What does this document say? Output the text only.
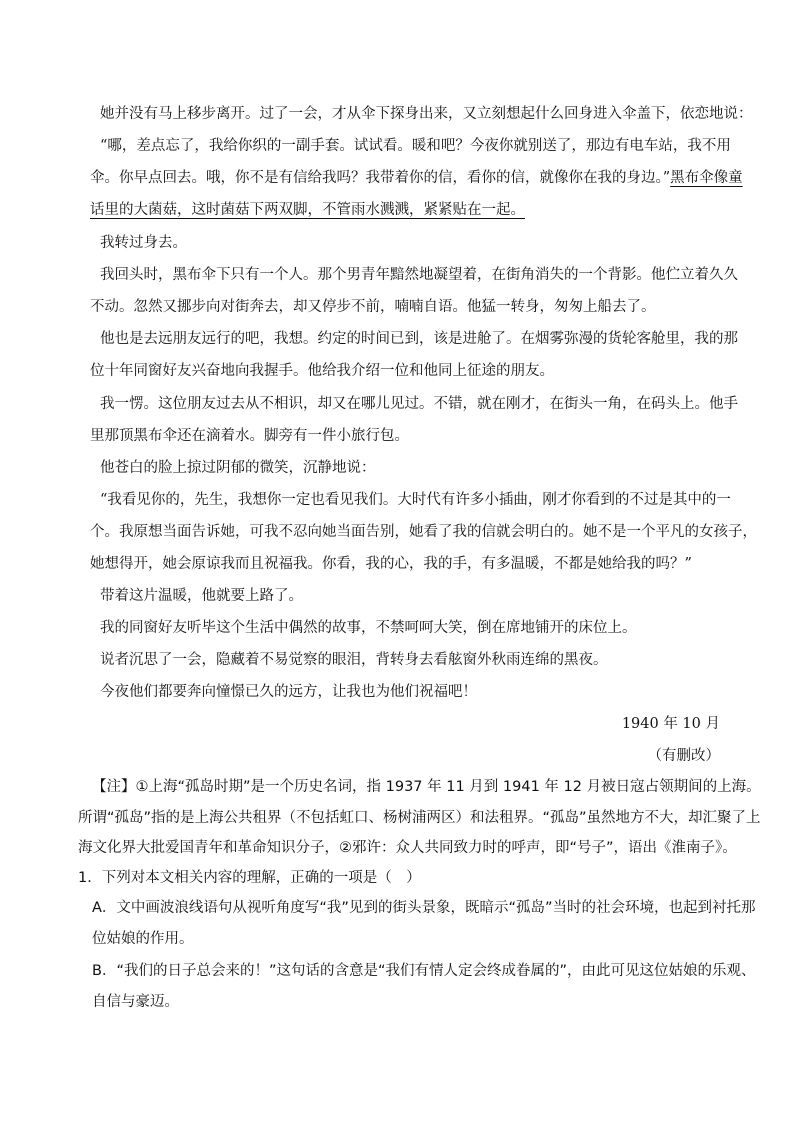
她并没有马上移步离开。过了一会，才从伞下探身出来，又立刻想起什么回身进入伞盖下，依恋地说：
“哪，差点忘了，我给你织的一副手套。试试看。暖和吧？今夜你就别送了，那边有电车站，我不用
伞。你早点回去。哦，你不是有信给我吗？我带着你的信，看你的信，就像你在我的身边。”黑布伞像童
话里的大菌菇，这时菌菇下两双脚，不管雨水溅溅，紧紧贴在一起。
我转过身去。
我回头时，黑布伞下只有一个人。那个男青年黯然地凝望着，在街角消失的一个背影。他伫立着久久
不动。忽然又挪步向对街奔去，却又停步不前，喃喃自语。他猛一转身，匆匆上船去了。
他也是去远朋友远行的吧，我想。约定的时间已到，该是进舱了。在烟雾弥漫的货轮客舱里，我的那
位十年同窗好友兴奋地向我握手。他给我介绍一位和他同上征途的朋友。
我一愣。这位朋友过去从不相识，却又在哪儿见过。不错，就在刚才，在街头一角，在码头上。他手
里那顶黑布伞还在滴着水。脚旁有一件小旅行包。
他苍白的脸上掠过阴郁的微笑，沉静地说：
“我看见你的，先生，我想你一定也看见我们。大时代有许多小插曲，刚才你看到的不过是其中的一
个。我原想当面告诉她，可我不忍向她当面告别，她看了我的信就会明白的。她不是一个平凡的女孩子，
她想得开，她会原谅我而且祝福我。你看，我的心，我的手，有多温暖，不都是她给我的吗？”
带着这片温暖，他就要上路了。
我的同窗好友听毕这个生活中偶然的故事，不禁呵呵大笑，倒在席地铺开的床位上。
说者沉思了一会，隐藏着不易觉察的眼泪，背转身去看舷窗外秋雨连绵的黑夜。
今夜他们都要奔向憧憬已久的远方，让我也为他们祝福吧！
1940 年 10 月
（有删改）
【注】①上海“孤岛时期”是一个历史名词，指 1937 年 11 月到 1941 年 12 月被日寇占领期间的上海。
所谓“孤岛”指的是上海公共租界（不包括虹口、杨树浦两区）和法租界。“孤岛”虽然地方不大，却汇聚了上
海文化界大批爱国青年和革命知识分子，②邪许：众人共同致力时的呼声，即“号子”，语出《淮南子》。
1．下列对本文相关内容的理解，正确的一项是（　）
A．文中画波浪线语句从视听角度写“我”见到的街头景象，既暗示“孤岛”当时的社会环境，也起到衬托那
位姑娘的作用。
B．“我们的日子总会来的！”这句话的含意是“我们有情人定会终成眷属的”，由此可见这位姑娘的乐观、
自信与豪迈。
